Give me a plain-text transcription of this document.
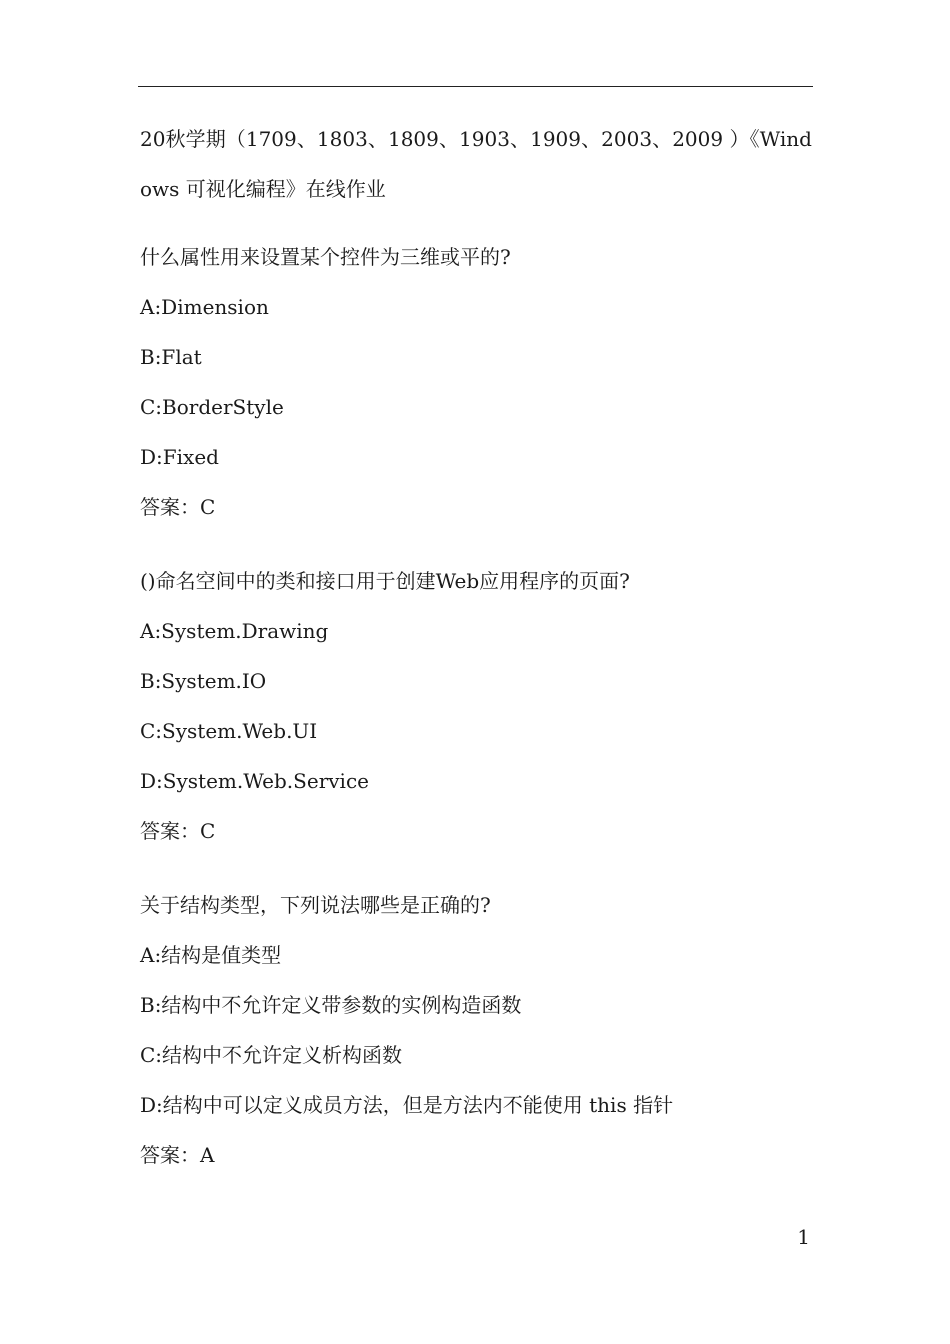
20秋学期（1709、1803、1809、1903、1909、2003、2009 ）《Windows 可视化编程》在线作业
什么属性用来设置某个控件为三维或平的?
A:Dimension
B:Flat
C:BorderStyle
D:Fixed
答案：C
()命名空间中的类和接口用于创建Web应用程序的页面?
A:System.Drawing
B:System.IO
C:System.Web.UI
D:System.Web.Service
答案：C
关于结构类型，下列说法哪些是正确的?
A:结构是值类型
B:结构中不允许定义带参数的实例构造函数
C:结构中不允许定义析构函数
D:结构中可以定义成员方法，但是方法内不能使用 this 指针
答案：A
1
